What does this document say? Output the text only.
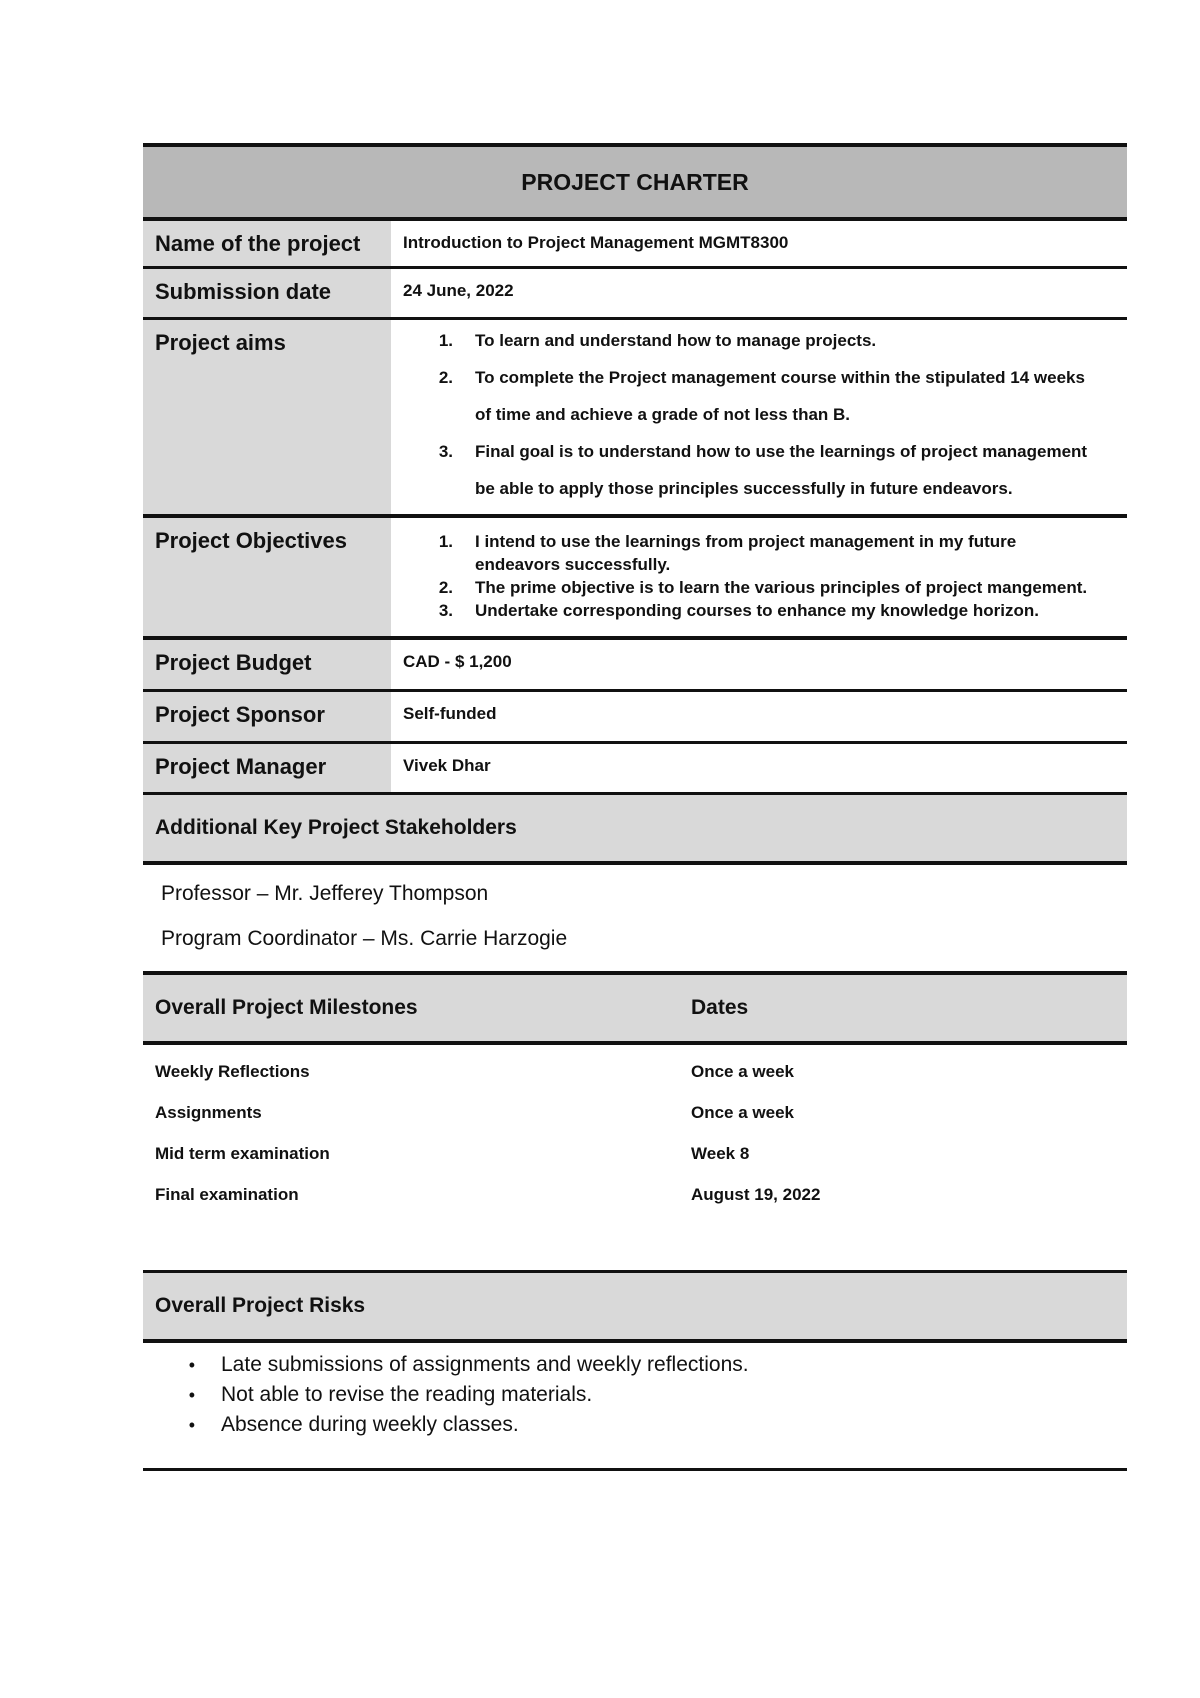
PROJECT CHARTER
Name of the project	Introduction to Project Management MGMT8300
Submission date	24 June, 2022
Project aims	1.	To learn and understand how to manage projects.
2.	To complete the Project management course within the stipulated 14 weeks
of time and achieve a grade of not less than B.
3.	Final goal is to understand how to use the learnings of project management
be able to apply those principles successfully in future endeavors.
Project Objectives	1.	I intend to use the learnings from project management in my future
endeavors successfully.
2.	The prime objective is to learn the various principles of project mangement.
3.	Undertake corresponding courses to enhance my knowledge horizon.
Project Budget	CAD - $ 1,200
Project Sponsor	Self-funded
Project Manager	Vivek Dhar
Additional Key Project Stakeholders
Professor – Mr. Jefferey Thompson
Program Coordinator – Ms. Carrie Harzogie
Overall Project Milestones	Dates
Weekly Reflections	Once a week
Assignments	Once a week
Mid term examination	Week 8
Final examination	August 19, 2022
Overall Project Risks
•	Late submissions of assignments and weekly reflections.
•	Not able to revise the reading materials.
•	Absence during weekly classes.
